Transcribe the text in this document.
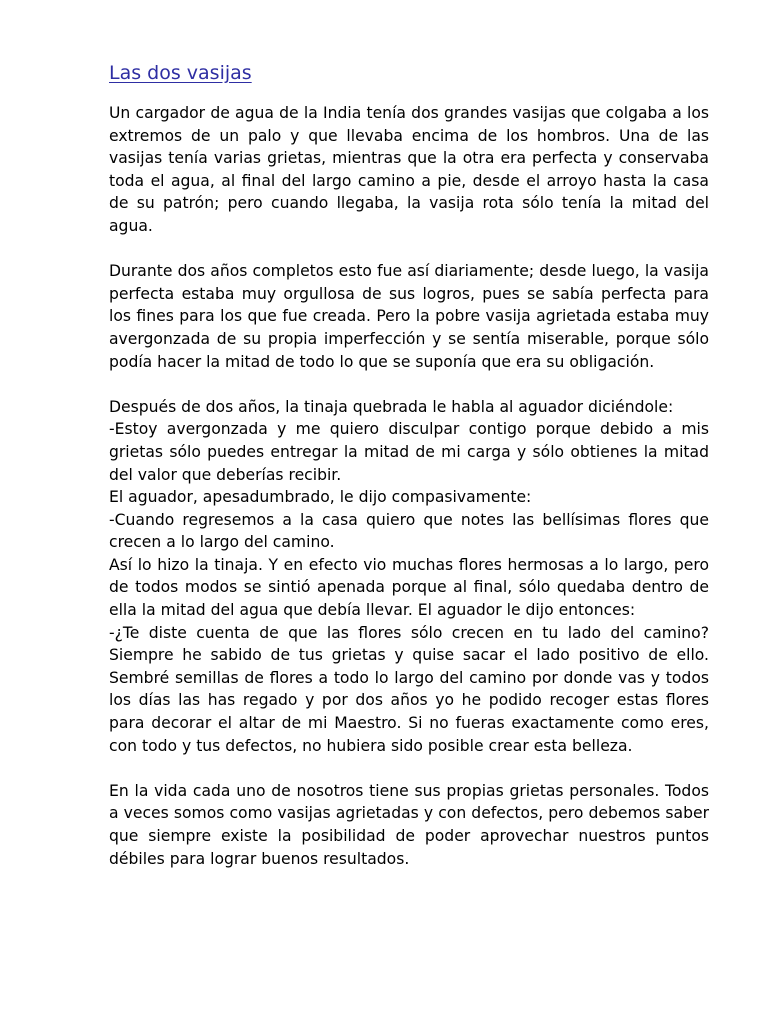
Las dos vasijas

Un cargador de agua de la India tenía dos grandes vasijas que colgaba a los extremos de un palo y que llevaba encima de los hombros. Una de las vasijas tenía varias grietas, mientras que la otra era perfecta y conservaba toda el agua, al final del largo camino a pie, desde el arroyo hasta la casa de su patrón; pero cuando llegaba, la vasija rota sólo tenía la mitad del agua.

Durante dos años completos esto fue así diariamente; desde luego, la vasija perfecta estaba muy orgullosa de sus logros, pues se sabía perfecta para los fines para los que fue creada. Pero la pobre vasija agrietada estaba muy avergonzada de su propia imperfección y se sentía miserable, porque sólo podía hacer la mitad de todo lo que se suponía que era su obligación.

Después de dos años, la tinaja quebrada le habla al aguador diciéndole:
-Estoy avergonzada y me quiero disculpar contigo porque debido a mis grietas sólo puedes entregar la mitad de mi carga y sólo obtienes la mitad del valor que deberías recibir.
El aguador, apesadumbrado, le dijo compasivamente:
-Cuando regresemos a la casa quiero que notes las bellísimas flores que crecen a lo largo del camino.
Así lo hizo la tinaja. Y en efecto vio muchas flores hermosas a lo largo, pero de todos modos se sintió apenada porque al final, sólo quedaba dentro de ella la mitad del agua que debía llevar. El aguador le dijo entonces:
-¿Te diste cuenta de que las flores sólo crecen en tu lado del camino? Siempre he sabido de tus grietas y quise sacar el lado positivo de ello. Sembré semillas de flores a todo lo largo del camino por donde vas y todos los días las has regado y por dos años yo he podido recoger estas flores para decorar el altar de mi Maestro. Si no fueras exactamente como eres, con todo y tus defectos, no hubiera sido posible crear esta belleza.

En la vida cada uno de nosotros tiene sus propias grietas personales. Todos a veces somos como vasijas agrietadas y con defectos, pero debemos saber que siempre existe la posibilidad de poder aprovechar nuestros puntos débiles para lograr buenos resultados.
